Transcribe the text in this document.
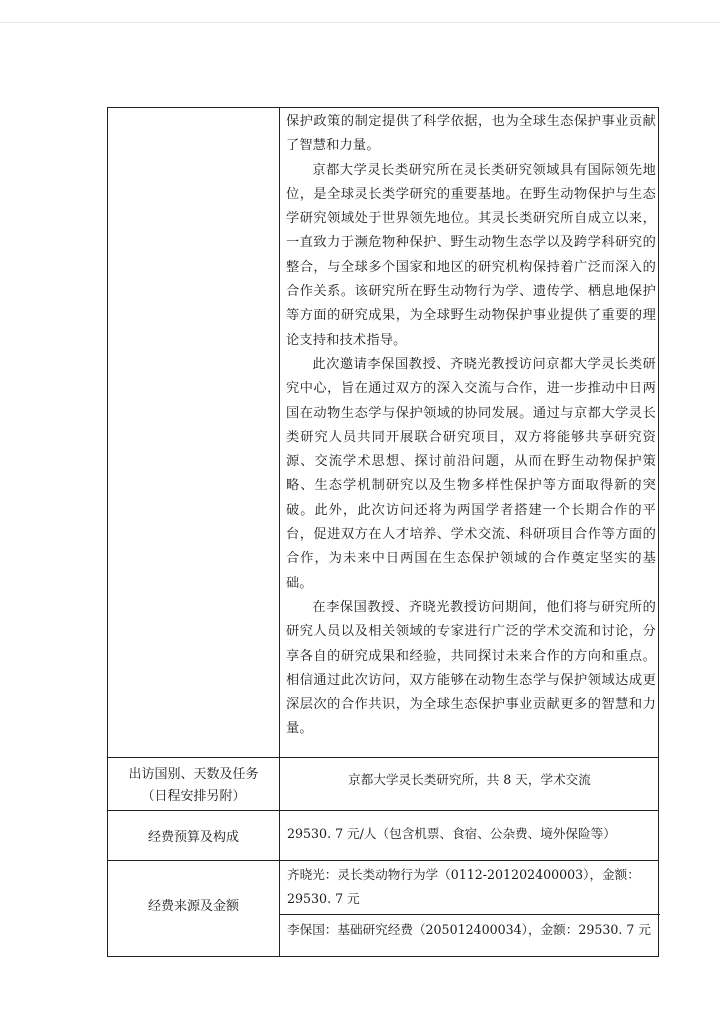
保护政策的制定提供了科学依据，也为全球生态保护事业贡献了智慧和力量。

京都大学灵长类研究所在灵长类研究领域具有国际领先地位，是全球灵长类学研究的重要基地。在野生动物保护与生态学研究领域处于世界领先地位。其灵长类研究所自成立以来，一直致力于濒危物种保护、野生动物生态学以及跨学科研究的整合，与全球多个国家和地区的研究机构保持着广泛而深入的合作关系。该研究所在野生动物行为学、遗传学、栖息地保护等方面的研究成果，为全球野生动物保护事业提供了重要的理论支持和技术指导。

此次邀请李保国教授、齐晓光教授访问京都大学灵长类研究中心，旨在通过双方的深入交流与合作，进一步推动中日两国在动物生态学与保护领域的协同发展。通过与京都大学灵长类研究人员共同开展联合研究项目，双方将能够共享研究资源、交流学术思想、探讨前沿问题，从而在野生动物保护策略、生态学机制研究以及生物多样性保护等方面取得新的突破。此外，此次访问还将为两国学者搭建一个长期合作的平台，促进双方在人才培养、学术交流、科研项目合作等方面的合作，为未来中日两国在生态保护领域的合作奠定坚实的基础。

在李保国教授、齐晓光教授访问期间，他们将与研究所的研究人员以及相关领域的专家进行广泛的学术交流和讨论，分享各自的研究成果和经验，共同探讨未来合作的方向和重点。相信通过此次访问，双方能够在动物生态学与保护领域达成更深层次的合作共识，为全球生态保护事业贡献更多的智慧和力量。

出访国别、天数及任务
（日程安排另附）
京都大学灵长类研究所，共 8 天，学术交流
经费预算及构成	29530. 7 元/人（包含机票、食宿、公杂费、境外保险等）
经费来源及金额
齐晓光：灵长类动物行为学（0112-201202400003），金额：29530. 7 元
李保国：基础研究经费（205012400034），金额：29530. 7 元
